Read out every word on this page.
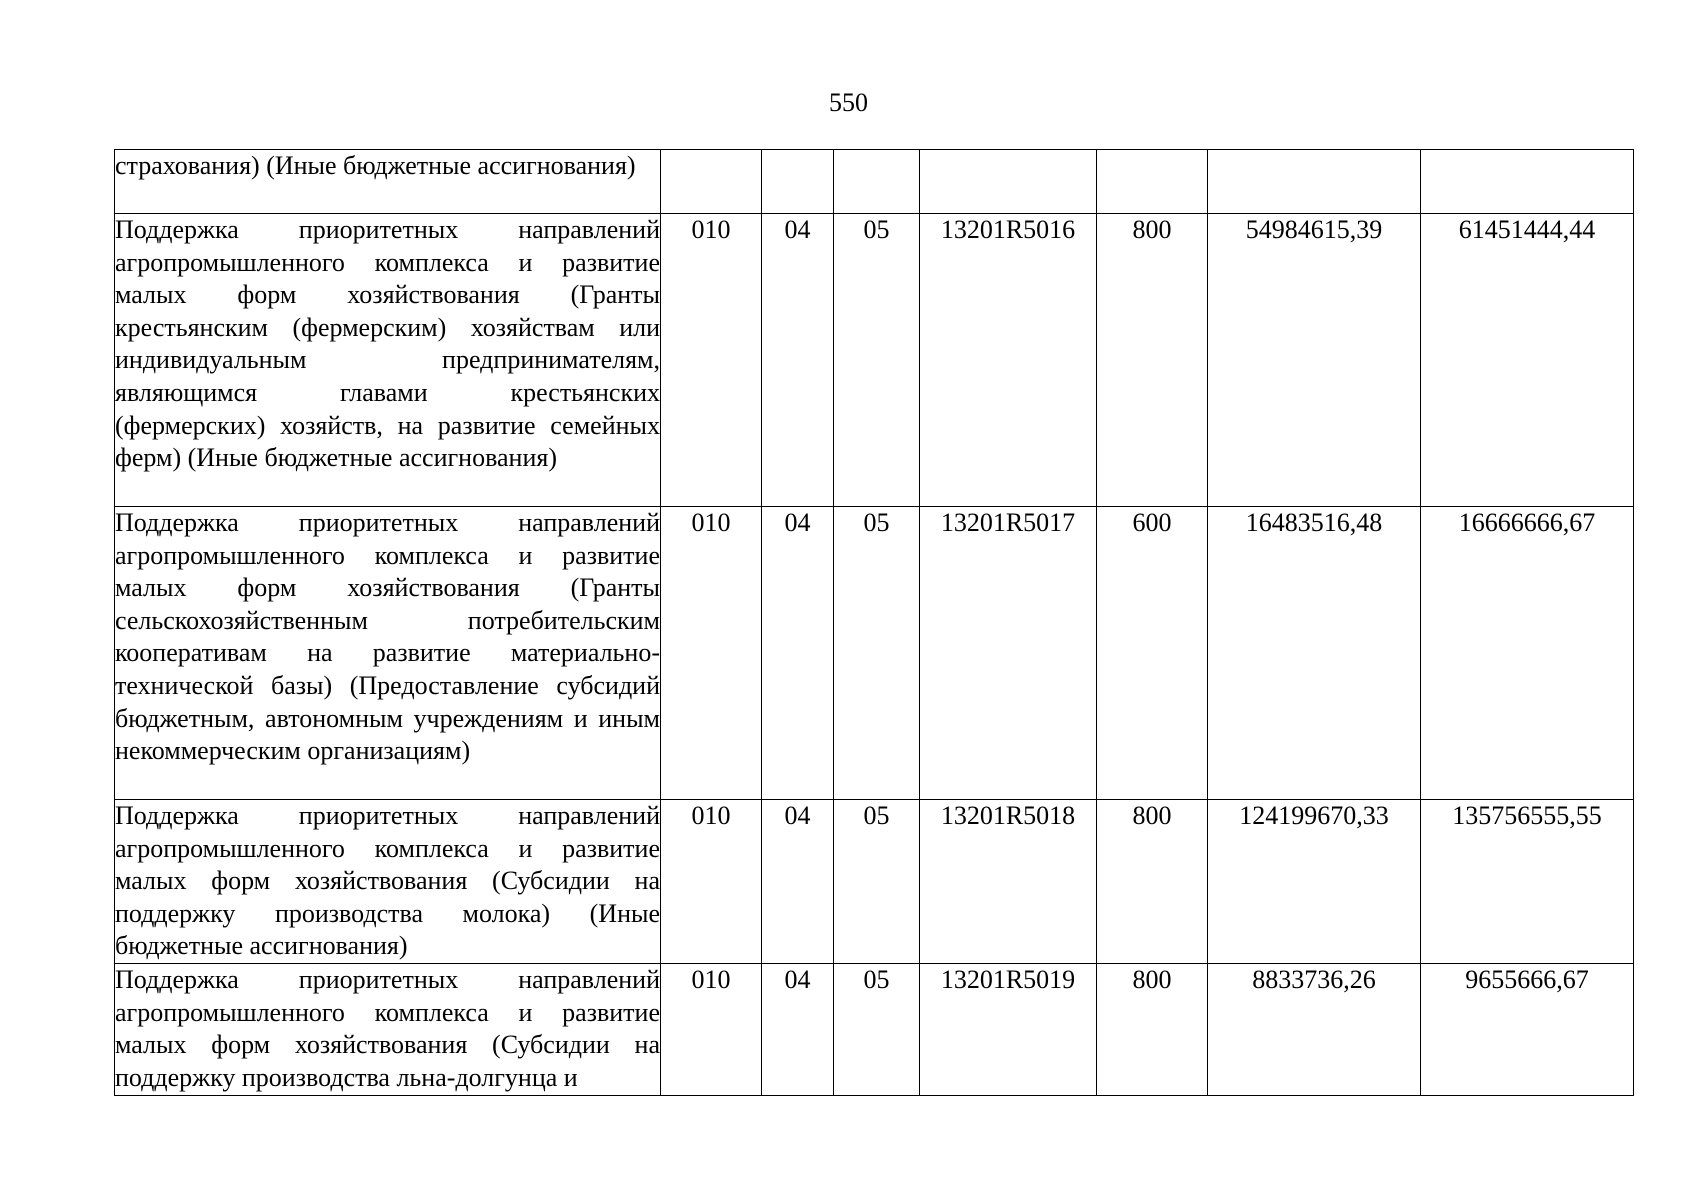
550
страхования) (Иные бюджетные ассигнования)							
Поддержка приоритетных направлений агропромышленного комплекса и развитие малых форм хозяйствования (Гранты крестьянским (фермерским) хозяйствам или индивидуальным предпринимателям, являющимся главами крестьянских (фермерских) хозяйств, на развитие семейных ферм) (Иные бюджетные ассигнования)	010	04	05	13201R5016	800	54984615,39	61451444,44
Поддержка приоритетных направлений агропромышленного комплекса и развитие малых форм хозяйствования (Гранты сельскохозяйственным потребительским кооперативам на развитие материально-технической базы) (Предоставление субсидий бюджетным, автономным учреждениям и иным некоммерческим организациям)	010	04	05	13201R5017	600	16483516,48	16666666,67
Поддержка приоритетных направлений агропромышленного комплекса и развитие малых форм хозяйствования (Субсидии на поддержку производства молока) (Иные бюджетные ассигнования)	010	04	05	13201R5018	800	124199670,33	135756555,55
Поддержка приоритетных направлений агропромышленного комплекса и развитие малых форм хозяйствования (Субсидии на поддержку производства льна-долгунца и	010	04	05	13201R5019	800	8833736,26	9655666,67
